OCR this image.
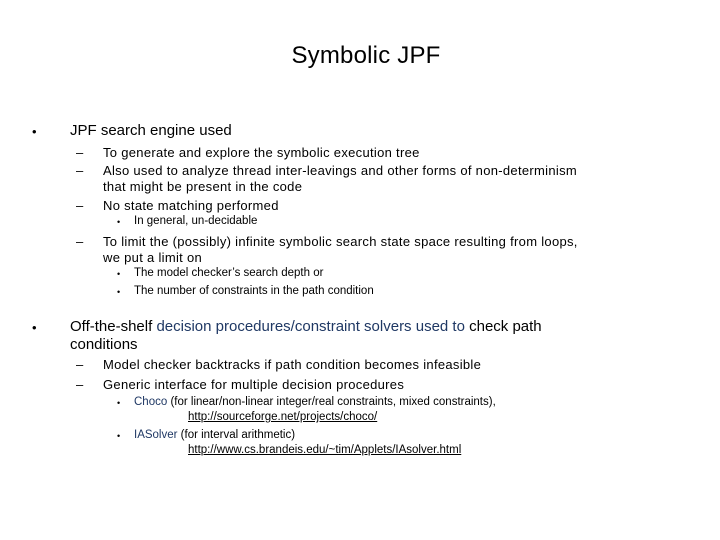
Symbolic JPF
• JPF search engine used
– To generate and explore the symbolic execution tree
– Also used to analyze thread inter-leavings and other forms of non-determinism
that might be present in the code
– No state matching performed
• In general, un-decidable
– To limit the (possibly) infinite symbolic search state space resulting from loops,
we put a limit on
• The model checker’s search depth or
• The number of constraints in the path condition
• Off-the-shelf decision procedures/constraint solvers used to check path
conditions
– Model checker backtracks if path condition becomes infeasible
– Generic interface for multiple decision procedures
• Choco (for linear/non-linear integer/real constraints, mixed constraints),
http://sourceforge.net/projects/choco/
• IASolver (for interval arithmetic)
http://www.cs.brandeis.edu/~tim/Applets/IAsolver.html
